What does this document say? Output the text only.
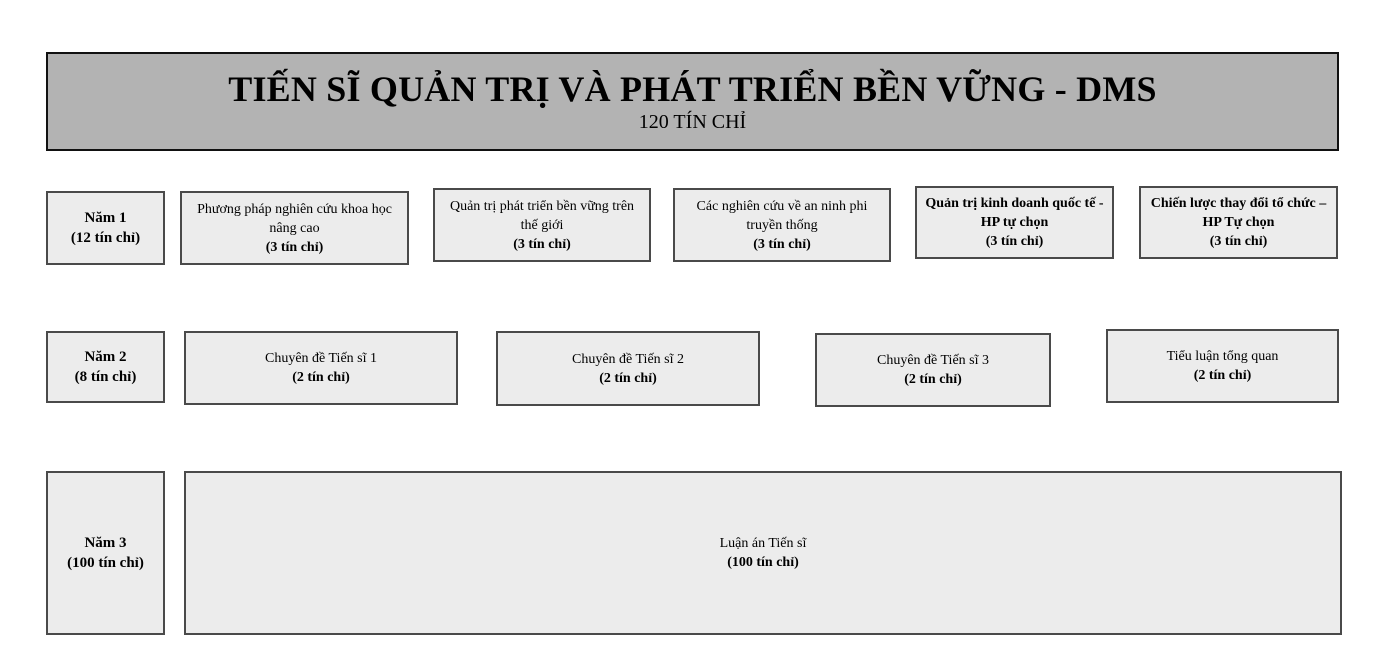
TIẾN SĨ QUẢN TRỊ VÀ PHÁT TRIỂN BỀN VỮNG - DMS
120 TÍN CHỈ
Năm 1
(12 tín chỉ)
Phương pháp nghiên cứu khoa học nâng cao
(3 tín chỉ)
Quản trị phát triển bền vững trên thế giới
(3 tín chỉ)
Các nghiên cứu về an ninh phi truyền thống
(3 tín chỉ)
Quản trị kinh doanh quốc tế - HP tự chọn
(3 tín chỉ)
Chiến lược thay đổi tổ chức – HP Tự chọn
(3 tín chỉ)
Năm 2
(8 tín chỉ)
Chuyên đề Tiến sĩ 1
(2 tín chỉ)
Chuyên đề Tiến sĩ 2
(2 tín chỉ)
Chuyên đề Tiến sĩ 3
(2 tín chỉ)
Tiểu luận tổng quan
(2 tín chỉ)
Năm 3
(100 tín chỉ)
Luận án Tiến sĩ
(100 tín chỉ)
